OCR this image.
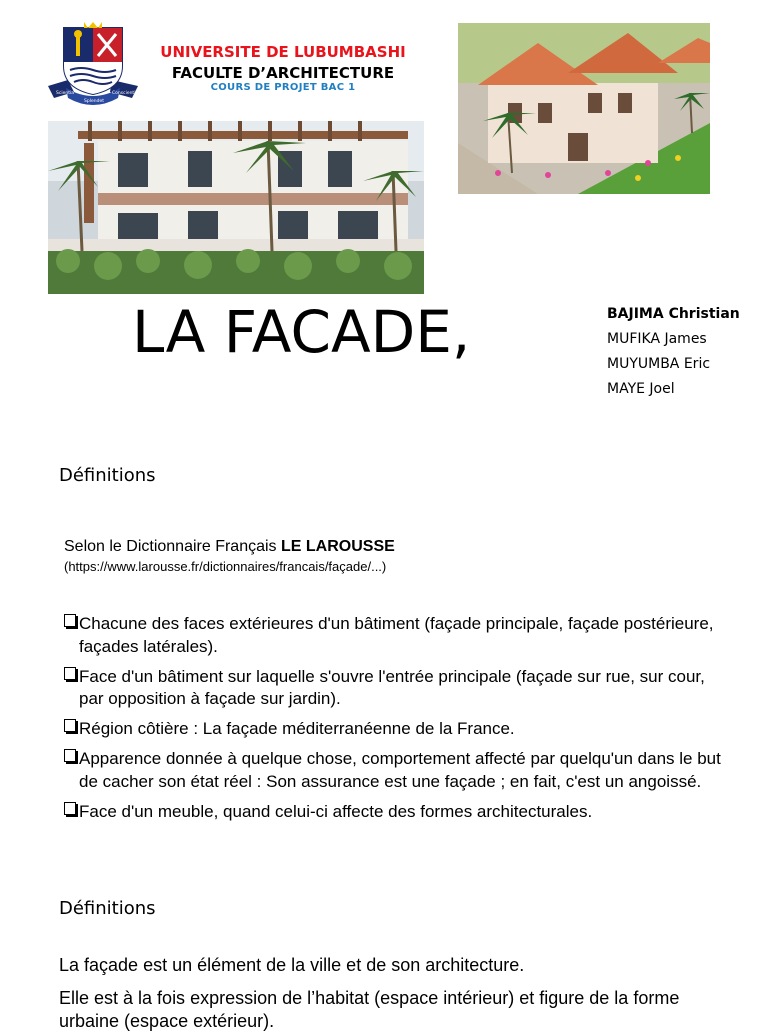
Scientia
Splendet
Conscientia
UNIVERSITE DE LUBUMBASHI
FACULTE D’ARCHITECTURE
COURS DE PROJET BAC 1
LA FACADE,	BAJIMA Christian
MUFIKA James
MUYUMBA Eric
MAYE Joel
Définitions
Selon le Dictionnaire Français LE LAROUSSE
(https://www.larousse.fr/dictionnaires/francais/façade/...)
Chacune des faces extérieures d'un bâtiment (façade principale, façade postérieure, façades latérales).
Face d'un bâtiment sur laquelle s'ouvre l'entrée principale (façade sur rue, sur cour, par opposition à façade sur jardin).
Région côtière : La façade méditerranéenne de la France.
Apparence donnée à quelque chose, comportement affecté par quelqu'un dans le but de cacher son état réel : Son assurance est une façade ; en fait, c'est un angoissé.
Face d'un meuble, quand celui-ci affecte des formes architecturales.
Définitions
La façade est un élément de la ville et de son architecture.
Elle est à la fois expression de l’habitat (espace intérieur) et figure de la forme urbaine (espace extérieur).
